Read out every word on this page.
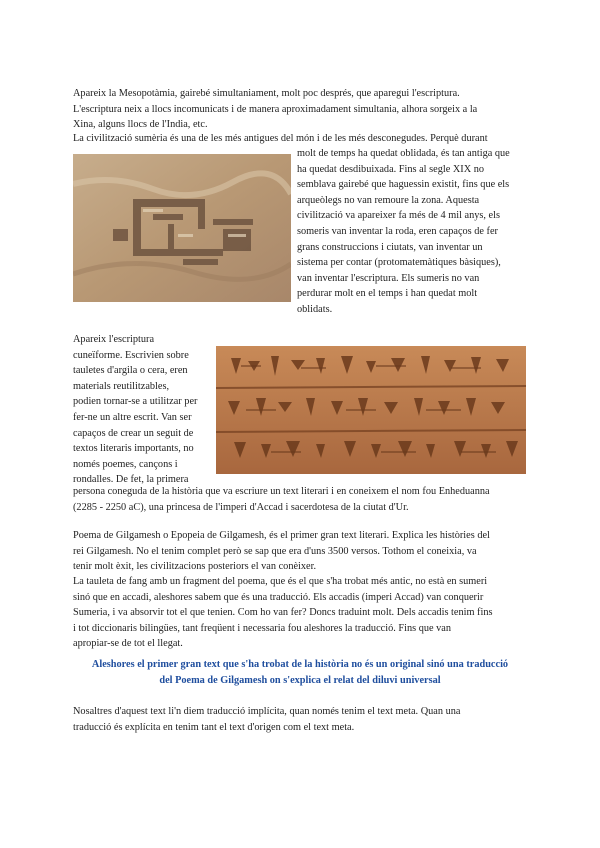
Apareix la Mesopotàmia, gairebé simultaniament, molt poc després, que aparegui l'escriptura.
L'escriptura neix a llocs incomunicats i de manera aproximadament simultania, alhora sorgeix a la
Xina, alguns llocs de l'India, etc.
La civilització sumèria és una de les més antigues del món i de les més desconegudes. Perquè durant
molt de temps ha quedat oblidada, és tan antiga que
ha quedat desdibuixada. Fins al segle XIX no
semblava gairebé que haguessin existit, fins que els
arqueòlegs no van remoure la zona. Aquesta
civilització va apareixer fa més de 4 mil anys, els
someris van inventar la roda, eren capaços de fer
grans construccions i ciutats, van inventar un
sistema per contar (protomatemàtiques bàsiques),
van inventar l'escriptura. Els sumeris no van
perdurar molt en el temps i han quedat molt
oblidats.
Apareix l'escriptura
cuneïforme. Escrivien sobre
tauletes d'argila o cera, eren
materials reutilitzables,
podien tornar-se a utilitzar per
fer-ne un altre escrit. Van ser
capaços de crear un seguit de
textos literaris importants, no
només poemes, cançons i
rondalles. De fet, la primera
persona coneguda de la història que va escriure un text literari i en coneixem el nom fou Enheduanna
(2285 - 2250 aC), una princesa de l'imperi d'Accad i sacerdotesa de la ciutat d'Ur.
Poema de Gilgamesh o Epopeia de Gilgamesh, és el primer gran text literari. Explica les històries del
rei Gilgamesh. No el tenim complet però se sap que era d'uns 3500 versos. Tothom el coneixia, va
tenir molt èxit, les civilitzacions posteriors el van conèixer.
La tauleta de fang amb un fragment del poema, que és el que s'ha trobat més antic, no està en sumeri
sinó que en accadi, aleshores sabem que és una traducció. Els accadis (imperi Accad) van conquerir
Sumeria, i va absorvir tot el que tenien. Com ho van fer? Doncs traduint molt. Dels accadis tenim fins
i tot diccionaris bilingües, tant freqüent i necessaria fou aleshores la traducció. Fins que van
apropiar-se de tot el llegat.
Aleshores el primer gran text que s'ha trobat de la història no és un original sinó una traducció
del Poema de Gilgamesh on s'explica el relat del diluvi universal
Nosaltres d'aquest text li'n diem traducció implícita, quan només tenim el text meta. Quan una
traducció és explícita en tenim tant el text d'origen com el text meta.
